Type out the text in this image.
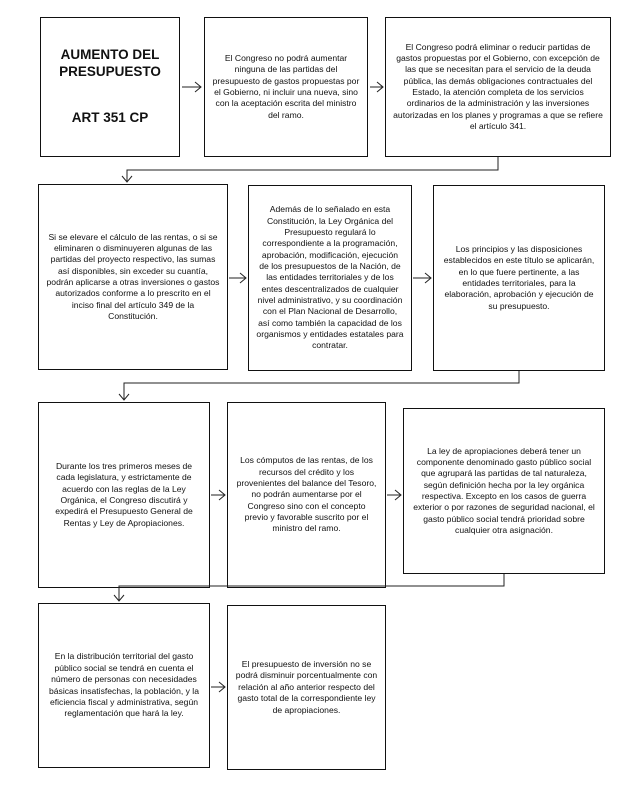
AUMENTO DEL
PRESUPUESTO
ART 351 CP
El Congreso no podrá aumentar ninguna de las partidas del presupuesto de gastos propuestas por el Gobierno, ni incluir una nueva, sino con la aceptación escrita del ministro del ramo.
El Congreso podrá eliminar o reducir partidas de gastos propuestas por el Gobierno, con excepción de las que se necesitan para el servicio de la deuda pública, las demás obligaciones contractuales del Estado, la atención completa de los servicios ordinarios de la administración y las inversiones autorizadas en los planes y programas a que se refiere el artículo 341.
Si se elevare el cálculo de las rentas, o si se eliminaren o disminuyeren algunas de las partidas del proyecto respectivo, las sumas así disponibles, sin exceder su cuantía, podrán aplicarse a otras inversiones o gastos autorizados conforme a lo prescrito en el inciso final del artículo 349 de la Constitución.
Además de lo señalado en esta Constitución, la Ley Orgánica del Presupuesto regulará lo correspondiente a la programación, aprobación, modificación, ejecución de los presupuestos de la Nación, de las entidades territoriales y de los entes descentralizados de cualquier nivel administrativo, y su coordinación con el Plan Nacional de Desarrollo, así como también la capacidad de los organismos y entidades estatales para contratar.
Los principios y las disposiciones establecidos en este título se aplicarán, en lo que fuere pertinente, a las entidades territoriales, para la elaboración, aprobación y ejecución de su presupuesto.
Durante los tres primeros meses de cada legislatura, y estrictamente de acuerdo con las reglas de la Ley Orgánica, el Congreso discutirá y expedirá el Presupuesto General de Rentas y Ley de Apropiaciones.
Los cómputos de las rentas, de los recursos del crédito y los provenientes del balance del Tesoro, no podrán aumentarse por el Congreso sino con el concepto previo y favorable suscrito por el ministro del ramo.
La ley de apropiaciones deberá tener un componente denominado gasto público social que agrupará las partidas de tal naturaleza, según definición hecha por la ley orgánica respectiva. Excepto en los casos de guerra exterior o por razones de seguridad nacional, el gasto público social tendrá prioridad sobre cualquier otra asignación.
En la distribución territorial del gasto público social se tendrá en cuenta el número de personas con necesidades básicas insatisfechas, la población, y la eficiencia fiscal y administrativa, según reglamentación que hará la ley.
El presupuesto de inversión no se podrá disminuir porcentualmente con relación al año anterior respecto del gasto total de la correspondiente ley de apropiaciones.
